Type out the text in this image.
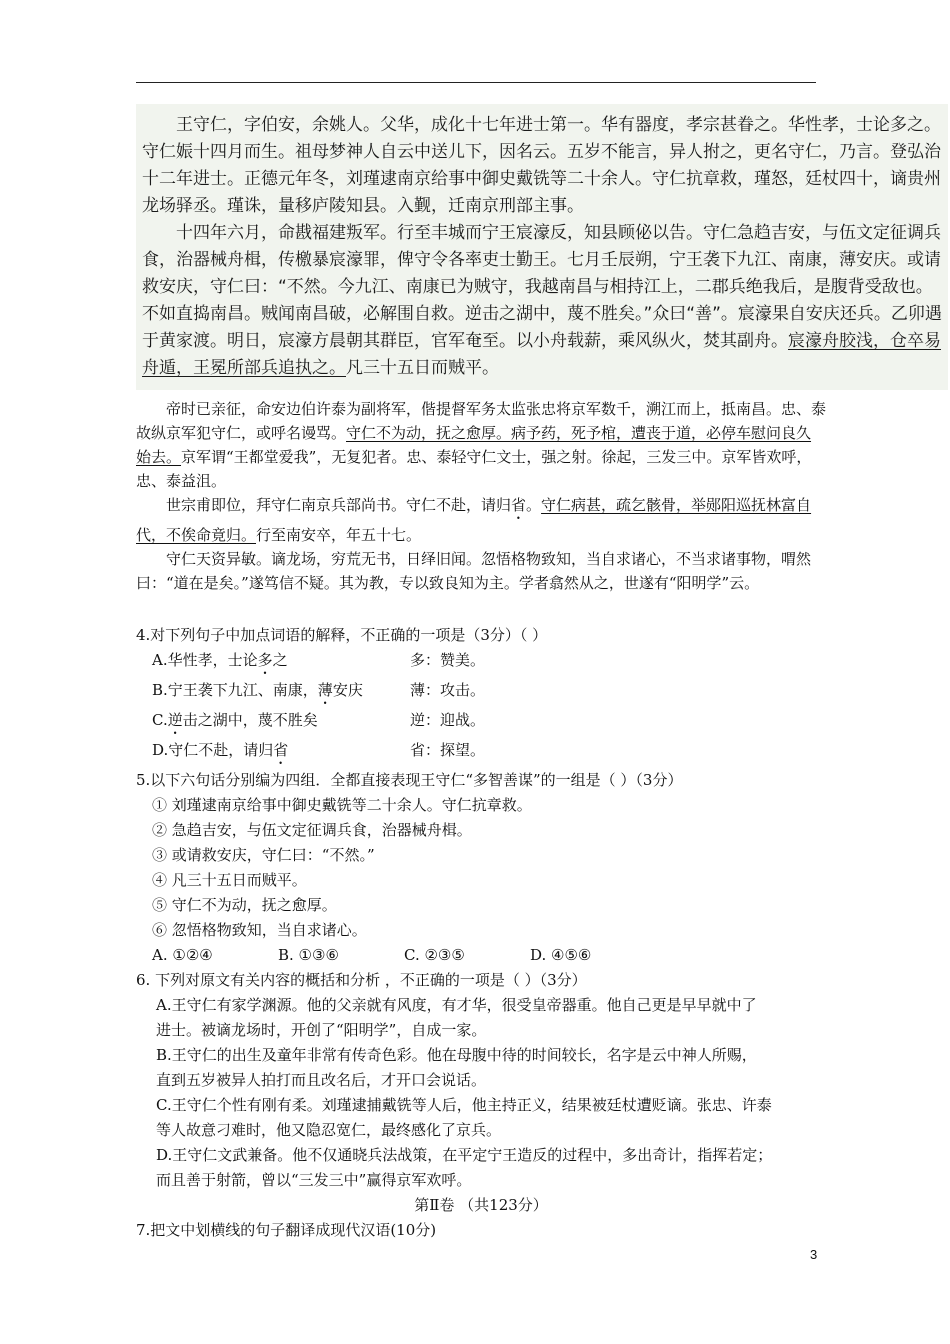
王守仁，字伯安，余姚人。父华，成化十七年进士第一。华有器度，孝宗甚眷之。华性孝，士论多之。守仁娠十四月而生。祖母梦神人自云中送儿下，因名云。五岁不能言，异人拊之，更名守仁，乃言。登弘治十二年进士。正德元年冬，刘瑾逮南京给事中御史戴铣等二十余人。守仁抗章救，瑾怒，廷杖四十，谪贵州龙场驿丞。瑾诛，量移庐陵知县。入觐，迁南京刑部主事。

十四年六月，命戡福建叛军。行至丰城而宁王宸濠反，知县顾佖以告。守仁急趋吉安，与伍文定征调兵食，治器械舟楫，传檄暴宸濠罪，俾守令各率吏士勤王。七月壬辰朔，宁王袭下九江、南康，薄安庆。或请救安庆，守仁曰：“不然。今九江、南康已为贼守，我越南昌与相持江上，二郡兵绝我后，是腹背受敌也。不如直捣南昌。贼闻南昌破，必解围自救。逆击之湖中，蔑不胜矣。”众曰“善”。宸濠果自安庆还兵。乙卯遇于黄家渡。明日，宸濠方晨朝其群臣，官军奄至。以小舟载薪，乘风纵火，焚其副舟。宸濠舟胶浅，仓卒易舟遁，王冕所部兵追执之。凡三十五日而贼平。

帝时已亲征，命安边伯许泰为副将军，偕提督军务太监张忠将京军数千，溯江而上，抵南昌。忠、泰故纵京军犯守仁，或呼名谩骂。守仁不为动，抚之愈厚。病予药，死予棺，遭丧于道，必停车慰问良久始去。京军谓“王都堂爱我”，无复犯者。忠、泰轻守仁文士，强之射。徐起，三发三中。京军皆欢呼，忠、泰益沮。

世宗甫即位，拜守仁南京兵部尚书。守仁不赴，请归省。守仁病甚，疏乞骸骨，举郧阳巡抚林富自代，不俟命竟归。行至南安卒，年五十七。

守仁天资异敏。谪龙场，穷荒无书，日绎旧闻。忽悟格物致知，当自求诸心，不当求诸事物，喟然曰：“道在是矣。”遂笃信不疑。其为教，专以致良知为主。学者翕然从之，世遂有“阳明学”云。

4.对下列句子中加点词语的解释，不正确的一项是（3分）（ ）

A.华性孝，士论多之	多：赞美。

B.宁王袭下九江、南康，薄安庆	薄：攻击。

C.逆击之湖中，蔑不胜矣	逆：迎战。

D.守仁不赴，请归省	省：探望。

5.以下六句话分别编为四组．全都直接表现王守仁“多智善谋”的一组是（ ）（3分）

① 刘瑾逮南京给事中御史戴铣等二十余人。守仁抗章救。

② 急趋吉安，与伍文定征调兵食，治器械舟楫。

③ 或请救安庆，守仁曰：“不然。”

④ 凡三十五日而贼平。

⑤ 守仁不为动，抚之愈厚。

⑥ 忽悟格物致知，当自求诸心。

A. ①②④	B. ①③⑥	C. ②③⑤	D. ④⑤⑥

6. 下列对原文有关内容的概括和分析 ，不正确的一项是（ ）（3分）

A.王守仁有家学渊源。他的父亲就有风度，有才华，很受皇帝器重。他自己更是早早就中了

进士。被谪龙场时，开创了“阳明学”，自成一家。

B.王守仁的出生及童年非常有传奇色彩。他在母腹中待的时间较长，名字是云中神人所赐，

直到五岁被异人拍打而且改名后，才开口会说话。

C.王守仁个性有刚有柔。刘瑾逮捕戴铣等人后，他主持正义，结果被廷杖遭贬谪。张忠、许泰

等人故意刁难时，他又隐忍宽仁，最终感化了京兵。

D.王守仁文武兼备。他不仅通晓兵法战策，在平定宁王造反的过程中，多出奇计，指挥若定；

而且善于射箭，曾以“三发三中”赢得京军欢呼。

第Ⅱ卷 （共123分）

7.把文中划横线的句子翻译成现代汉语(10分)

3
